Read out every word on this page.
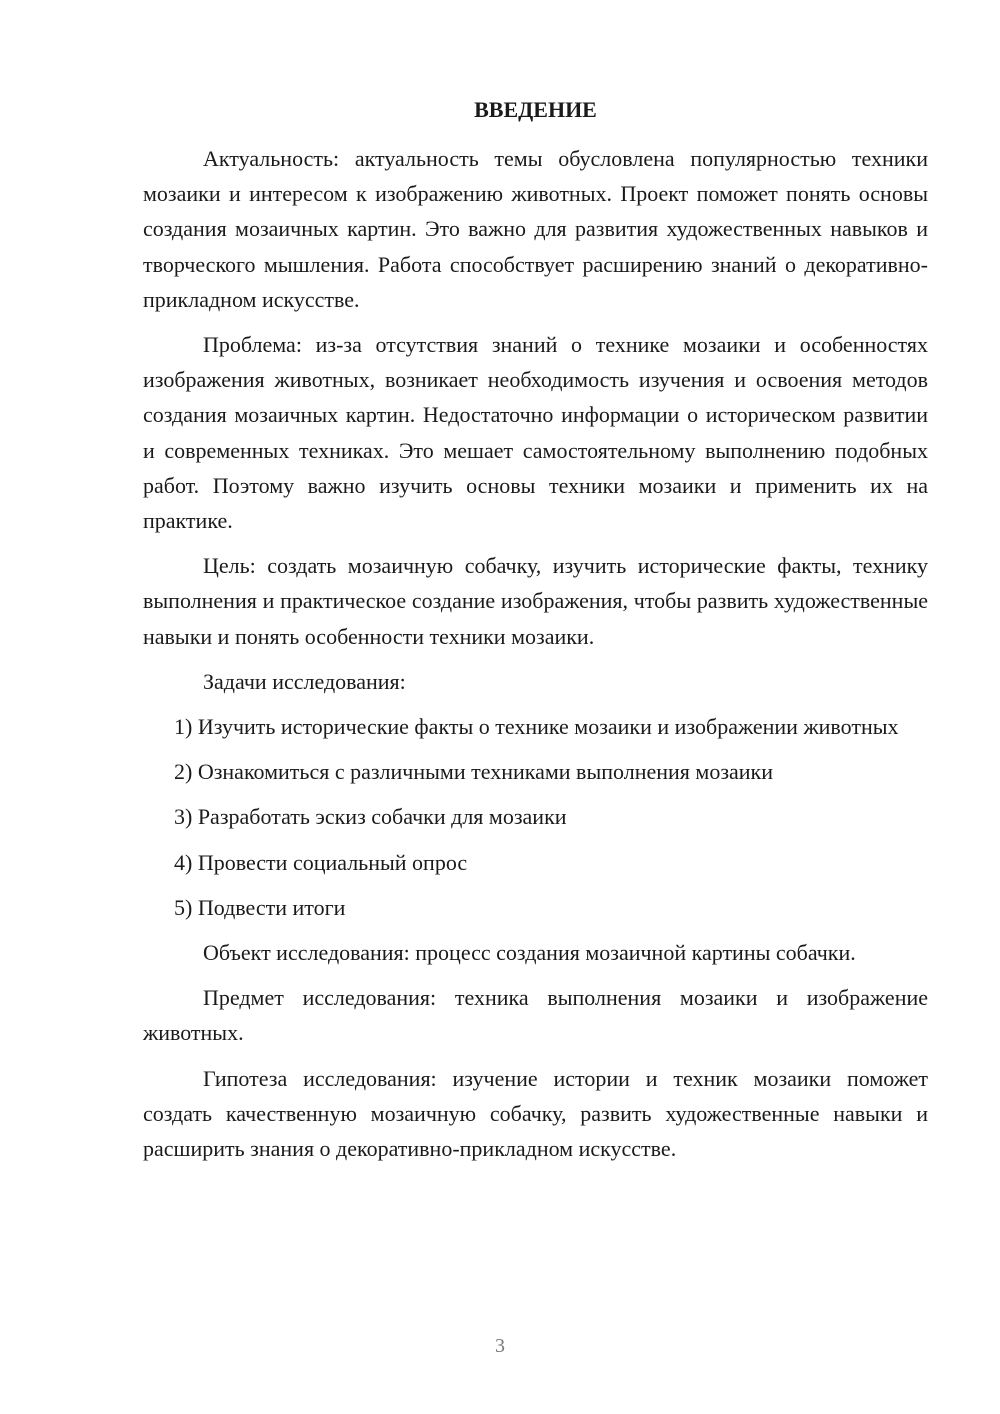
ВВЕДЕНИЕ

Актуальность: актуальность темы обусловлена популярностью техники мозаики и интересом к изображению животных. Проект поможет понять основы создания мозаичных картин. Это важно для развития художественных навыков и творческого мышления. Работа способствует расширению знаний о декоративно-прикладном искусстве.

Проблема: из-за отсутствия знаний о технике мозаики и особенностях изображения животных, возникает необходимость изучения и освоения методов создания мозаичных картин. Недостаточно информации о историческом развитии и современных техниках. Это мешает самостоятельному выполнению подобных работ. Поэтому важно изучить основы техники мозаики и применить их на практике.

Цель: создать мозаичную собачку, изучить исторические факты, технику выполнения и практическое создание изображения, чтобы развить художественные навыки и понять особенности техники мозаики.

Задачи исследования:

1) Изучить исторические факты о технике мозаики и изображении животных

2) Ознакомиться с различными техниками выполнения мозаики

3) Разработать эскиз собачки для мозаики

4) Провести социальный опрос

5) Подвести итоги

Объект исследования: процесс создания мозаичной картины собачки.

Предмет исследования: техника выполнения мозаики и изображение животных.

Гипотеза исследования: изучение истории и техник мозаики поможет создать качественную мозаичную собачку, развить художественные навыки и расширить знания о декоративно-прикладном искусстве.

3
